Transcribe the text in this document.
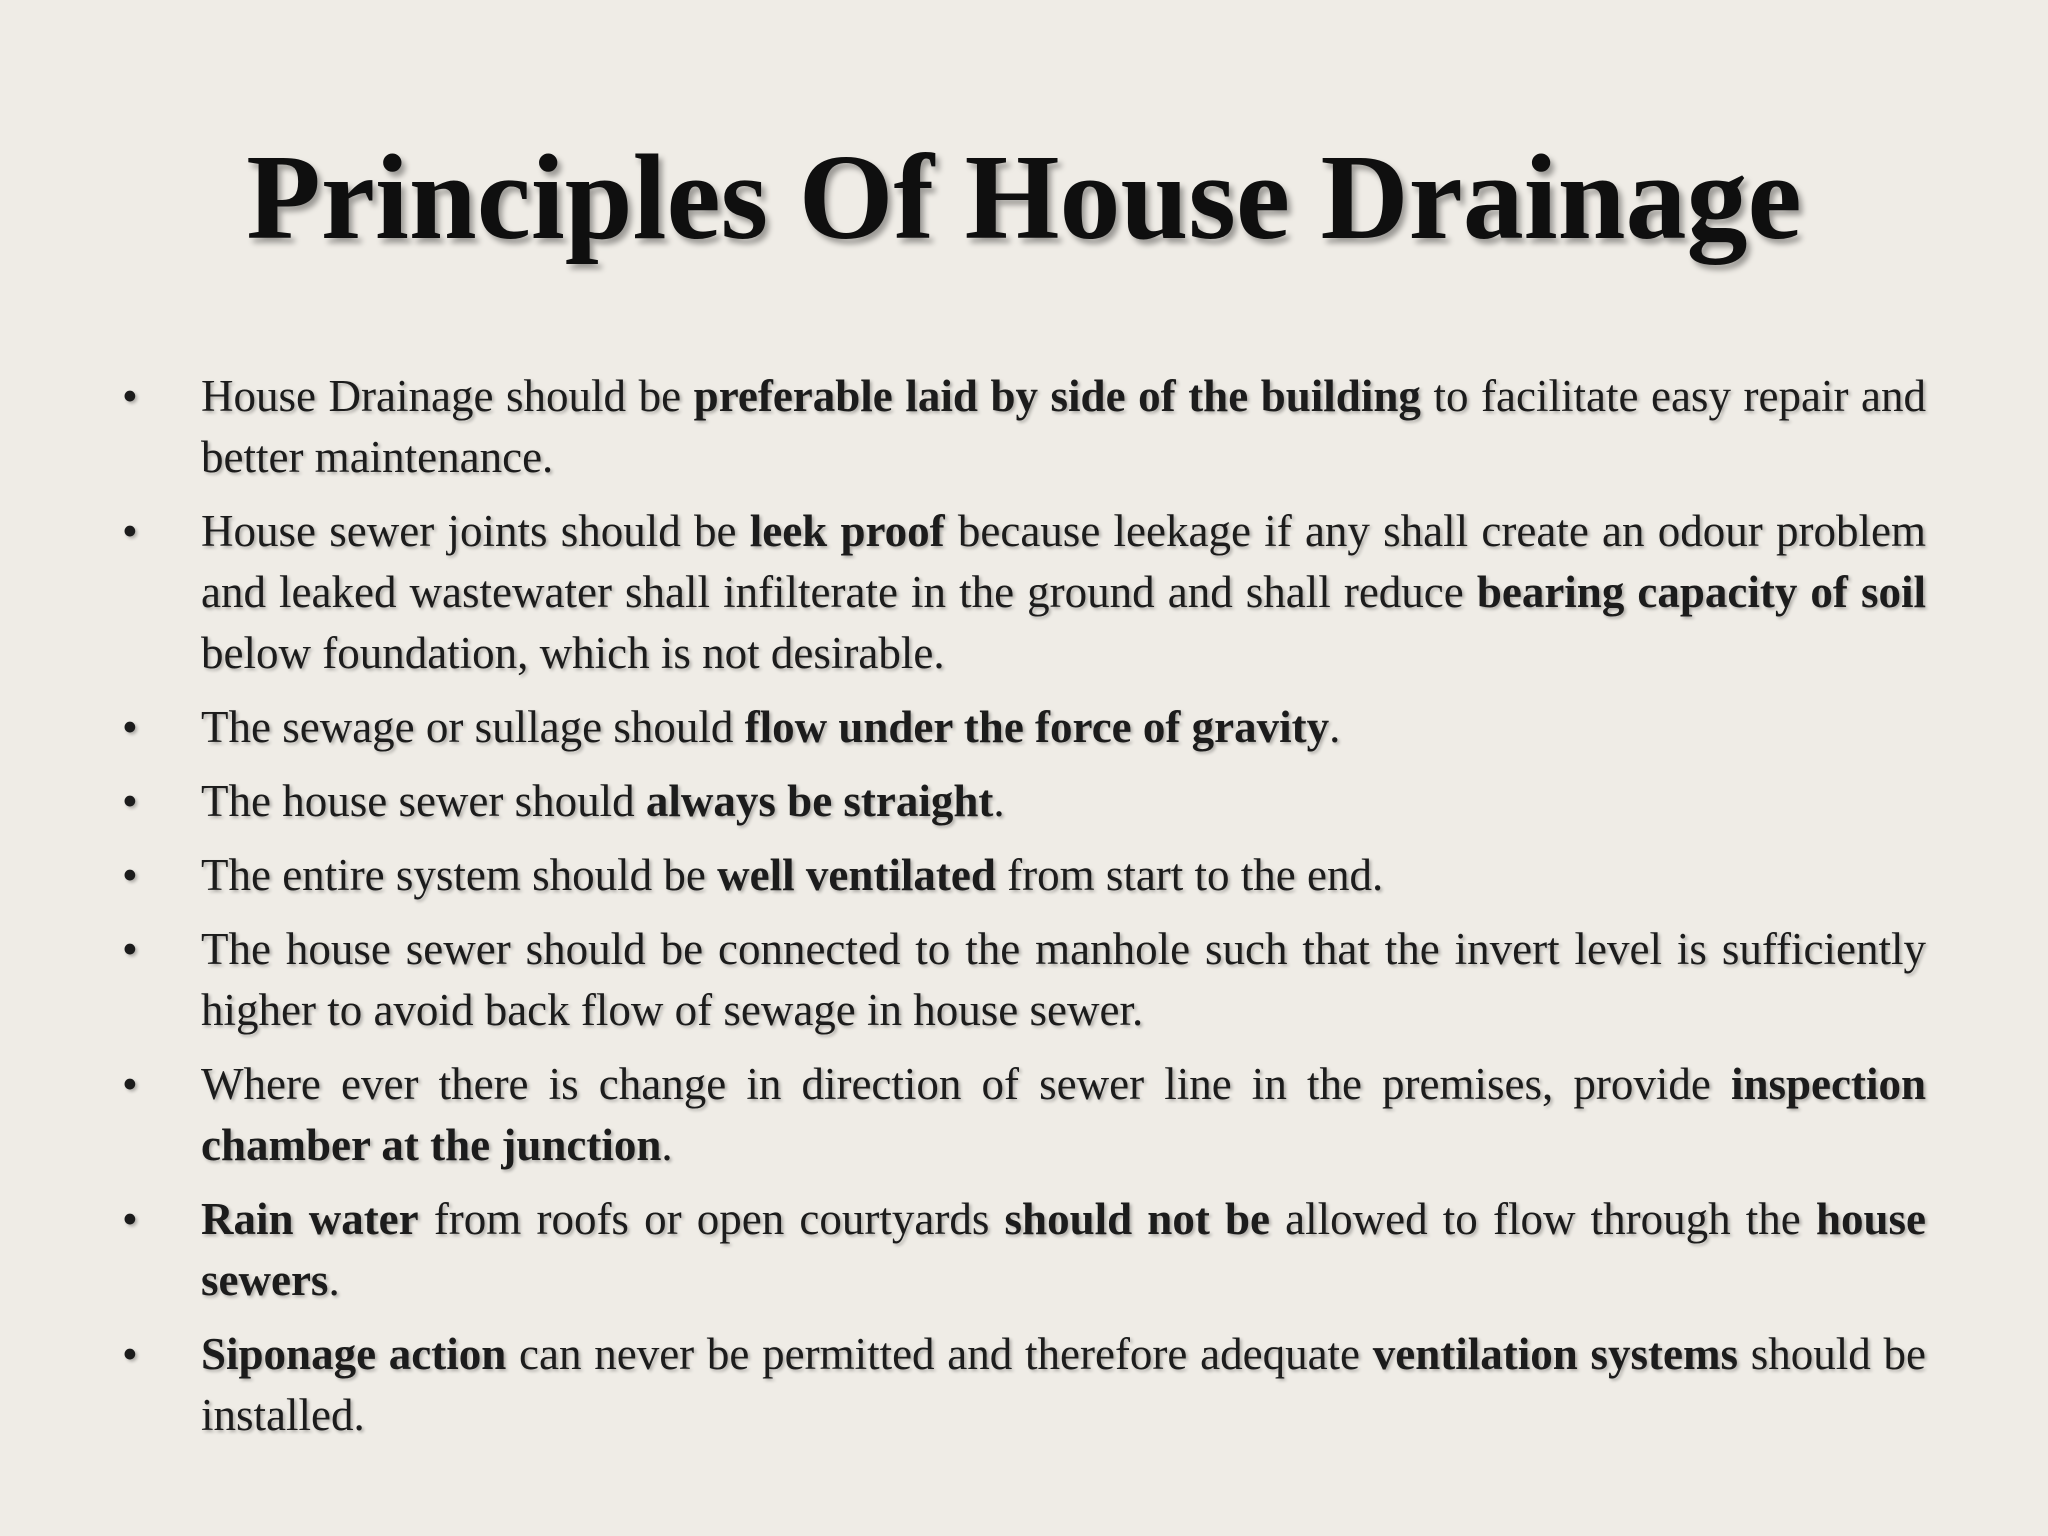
Principles Of House Drainage
• House Drainage should be preferable laid by side of the building to facilitate easy repair and better maintenance.
• House sewer joints should be leek proof because leekage if any shall create an odour problem and leaked wastewater shall infilterate in the ground and shall reduce bearing capacity of soil below foundation, which is not desirable.
• The sewage or sullage should flow under the force of gravity.
• The house sewer should always be straight.
• The entire system should be well ventilated from start to the end.
• The house sewer should be connected to the manhole such that the invert level is sufficiently higher to avoid back flow of sewage in house sewer.
• Where ever there is change in direction of sewer line in the premises, provide inspection chamber at the junction.
• Rain water from roofs or open courtyards should not be allowed to flow through the house sewers.
• Siponage action can never be permitted and therefore adequate ventilation systems should be installed.
